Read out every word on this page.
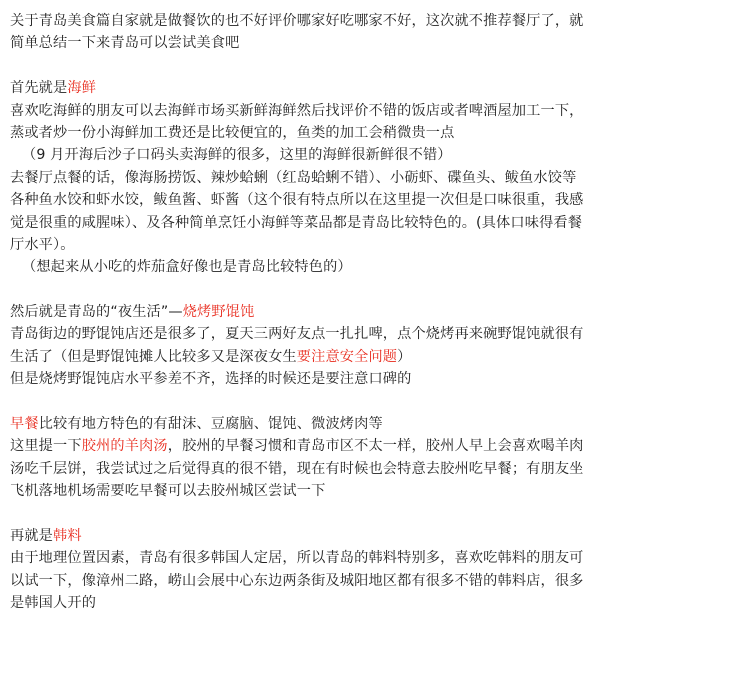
关于青岛美食篇自家就是做餐饮的也不好评价哪家好吃哪家不好，这次就不推荐餐厅了，就
简单总结一下来青岛可以尝试美食吧
首先就是海鲜
喜欢吃海鲜的朋友可以去海鲜市场买新鲜海鲜然后找评价不错的饭店或者啤酒屋加工一下，
蒸或者炒一份小海鲜加工费还是比较便宜的，鱼类的加工会稍微贵一点
（9 月开海后沙子口码头卖海鲜的很多，这里的海鲜很新鲜很不错）
去餐厅点餐的话，像海肠捞饭、辣炒蛤蜊（红岛蛤蜊不错）、小砺虾、碟鱼头、鲅鱼水饺等
各种鱼水饺和虾水饺，鲅鱼酱、虾酱（这个很有特点所以在这里提一次但是口味很重，我感
觉是很重的咸腥味）、及各种简单烹饪小海鲜等菜品都是青岛比较特色的。(具体口味得看餐
厅水平）。
（想起来从小吃的炸茄盒好像也是青岛比较特色的）
然后就是青岛的“夜生活”—烧烤野馄饨
青岛街边的野馄饨店还是很多了，夏天三两好友点一扎扎啤，点个烧烤再来碗野馄饨就很有
生活了（但是野馄饨摊人比较多又是深夜女生要注意安全问题）
但是烧烤野馄饨店水平参差不齐，选择的时候还是要注意口碑的
早餐比较有地方特色的有甜沫、豆腐脑、馄饨、微波烤肉等
这里提一下胶州的羊肉汤，胶州的早餐习惯和青岛市区不太一样，胶州人早上会喜欢喝羊肉
汤吃千层饼，我尝试过之后觉得真的很不错，现在有时候也会特意去胶州吃早餐；有朋友坐
飞机落地机场需要吃早餐可以去胶州城区尝试一下
再就是韩料
由于地理位置因素，青岛有很多韩国人定居，所以青岛的韩料特别多，喜欢吃韩料的朋友可
以试一下，像漳州二路，崂山会展中心东边两条街及城阳地区都有很多不错的韩料店，很多
是韩国人开的
